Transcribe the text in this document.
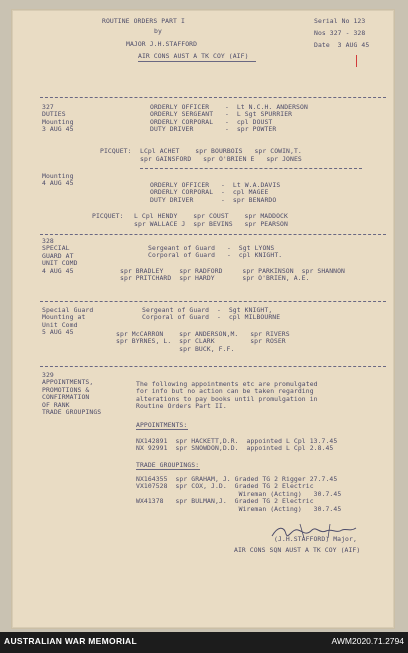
ROUTINE ORDERS PART I	Serial No 123
by	Nos 327 - 328
MAJOR J.H.STAFFORD	Date  3 AUG 45
AIR CONS AUST A TK COY (AIF)
327
DUTIES
Mounting
3 AUG 45
ORDERLY OFFICER    -  Lt N.C.H. ANDERSON
ORDERLY SERGEANT   -  L Sgt SPURRIER
ORDERLY CORPORAL   -  cpl DOUST
DUTY DRIVER        -  spr POWTER
PICQUET: LCpl ACHET    spr BOURBOIS   spr COWIN,T.
spr GAINSFORD   spr O'BRIEN E   spr JONES
Mounting
4 AUG 45	ORDERLY OFFICER   -  Lt W.A.DAVIS
ORDERLY CORPORAL  -  cpl MAGEE
DUTY DRIVER       -  spr BENARDO
PICQUET: L Cpl HENDY    spr COUST    spr MADDOCK
spr WALLACE J  spr BEVINS   spr PEARSON
328
SPECIAL
GUARD AT
UNIT COMD
4 AUG 45
Sergeant of Guard   -  Sgt LYONS
Corporal of Guard   -  cpl KNIGHT.
spr BRADLEY    spr RADFORD     spr PARKINSON  spr SHANNON
spr PRITCHARD  spr HARDY       spr O'BRIEN, A.E.
Special Guard
Mounting at
Unit Comd
5 AUG 45
Sergeant of Guard  -  Sgt KNIGHT,
Corporal of Guard  -  cpl MILBOURNE
spr McCARRON    spr ANDERSON,M.   spr RIVERS
spr BYRNES, L.  spr CLARK         spr ROSER
spr BUCK, F.F.
329
APPOINTMENTS,
PROMOTIONS &
CONFIRMATION
OF RANK
TRADE GROUPINGS
The following appointments etc are promulgated
for info but no action can be taken regarding
alterations to pay books until promulgation in
Routine Orders Part II.
APPOINTMENTS:
NX142891  spr HACKETT,D.R.  appointed L Cpl 13.7.45
NX 92991  spr SNOWDON,D.D.  appointed L Cpl 2.8.45
TRADE GROUPINGS:
NX164355  spr GRAHAM, J. Graded TG 2 Rigger 27.7.45
VX107528  spr COX, J.D.  Graded TG 2 Electric
Wireman (Acting)   30.7.45
WX41378   spr BULMAN,J.  Graded TG 2 Electric
Wireman (Acting)   30.7.45
(J.H.STAFFORD) Major,
AIR CONS SQN AUST A TK COY (AIF)
AUSTRALIAN WAR MEMORIAL	AWM2020.71.2794
